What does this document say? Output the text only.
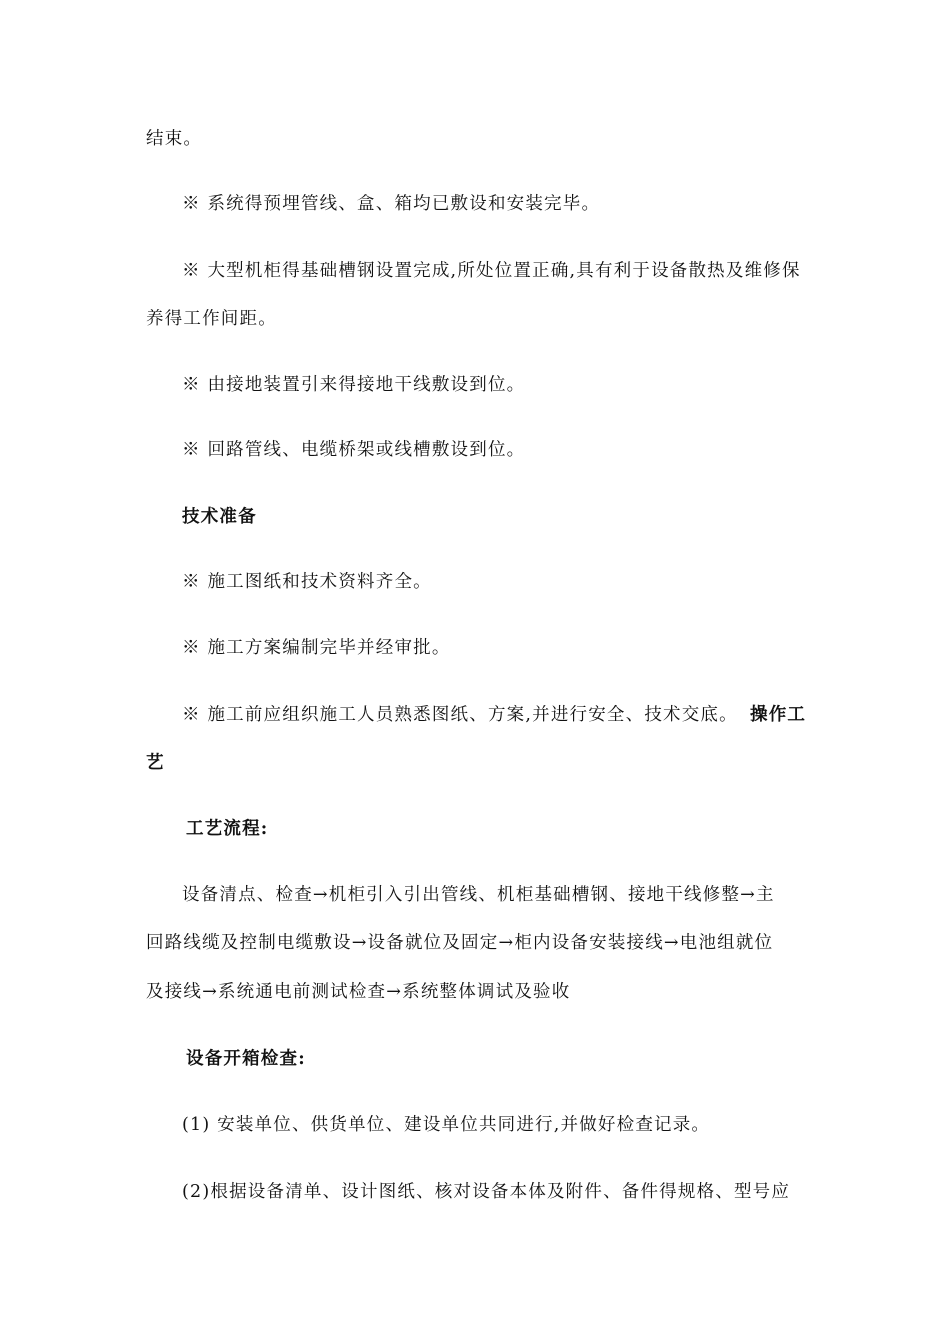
结束。
※ 系统得预埋管线、盒、箱均已敷设和安装完毕。
※ 大型机柜得基础槽钢设置完成,所处位置正确,具有利于设备散热及维修保
养得工作间距。
※ 由接地装置引来得接地干线敷设到位。
※ 回路管线、电缆桥架或线槽敷设到位。
技术准备
※ 施工图纸和技术资料齐全。
※ 施工方案编制完毕并经审批。
※ 施工前应组织施工人员熟悉图纸、方案,并进行安全、技术交底。 操作工
艺
工艺流程:
设备清点、检查→机柜引入引出管线、机柜基础槽钢、接地干线修整→主
回路线缆及控制电缆敷设→设备就位及固定→柜内设备安装接线→电池组就位
及接线→系统通电前测试检查→系统整体调试及验收
设备开箱检查:
(1) 安装单位、供货单位、建设单位共同进行,并做好检查记录。
(2)根据设备清单、设计图纸、核对设备本体及附件、备件得规格、型号应
